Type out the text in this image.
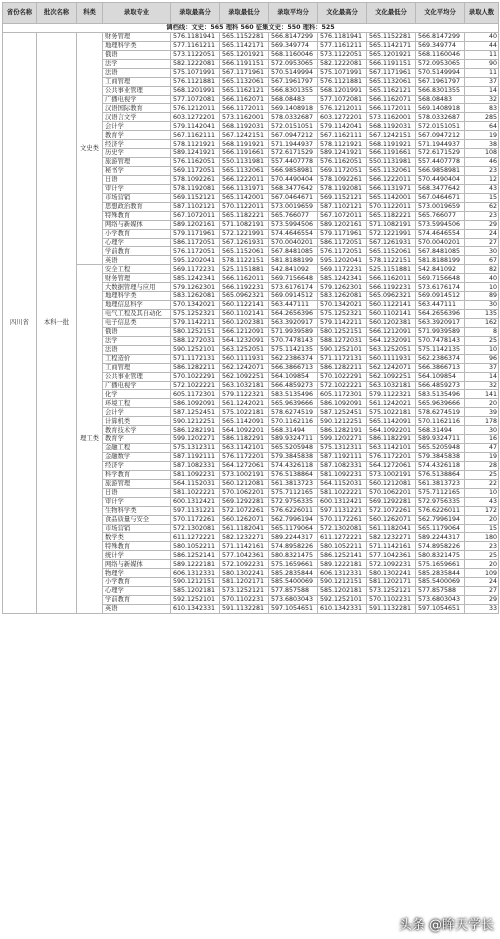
省份名称	批次名称	科类	录取专业	录取最高分	录取最低分	录取平均分	文化最高分	文化最低分	文化平均分	录取人数
调档线：文史：565 理科 560 征集文史：550 理科：525										
四川省	本科一批	文史类	财务管理	576.1181941	565.1152281	566.8147299	576.1181941	565.1152281	566.8147299	40
			地理科学类	577.1161211	565.1142171	569.349774	577.1161211	565.1142171	569.349774	44
			俄语	573.1122051	565.1201921	568.1160046	573.1122051	565.1201921	568.1160046	11
			法学	582.1222081	566.1191151	572.0953065	582.1222081	566.1191151	572.0953065	90
			法语	575.1071991	567.1171961	570.5149994	575.1071991	567.1171961	570.5149994	11
			工商管理	576.1121881	565.1132061	567.1961797	576.1121881	565.1132061	567.1961797	37
			公共事业管理	568.1201991	565.1162121	566.8301355	568.1201991	565.1162121	566.8301355	14
			广播电视学	577.1072081	566.1162071	568.08483	577.1072081	566.1162071	568.08483	32
			汉语国际教育	576.1212011	566.1172011	569.1408918	576.1212011	566.1172011	569.1408918	83
			汉语言文学	603.1272201	573.1162001	578.0332687	603.1272201	573.1162001	578.0332687	285
			会计学	579.1142041	568.1192031	572.0151051	579.1142041	568.1192031	572.0151051	64
			教育学	567.1162111	567.1242151	567.0947212	567.1162111	567.1242151	567.0947212	19
			经济学	578.1121921	568.1191921	571.1944937	578.1121921	568.1191921	571.1944937	38
			历史学	589.1241921	566.1191661	572.6171529	589.1241921	566.1191661	572.6171529	108
			旅游管理	576.1162051	550.1131981	557.4407778	576.1162051	550.1131981	557.4407778	46
			秘书学	569.1172051	565.1132061	566.9858981	569.1172051	565.1132061	566.9858981	23
			日语	578.1092261	566.1222011	570.4490404	578.1092261	566.1222011	570.4490404	12
			审计学	578.1192081	566.1131971	568.3477642	578.1192081	566.1131971	568.3477642	43
			市场营销	569.1152121	565.1142001	567.0464671	569.1152121	565.1142001	567.0464671	15
			思想政治教育	587.1102121	570.1122011	573.0019659	587.1102121	570.1122011	573.0019659	62
			特殊教育	567.1072011	565.1182221	565.766077	567.1072011	565.1182221	565.766077	23
			网络与新媒体	589.1202161	571.1082191	573.5994506	589.1202161	571.1082191	573.5994506	29
			小学教育	579.1171961	572.1221991	574.4646554	579.1171961	572.1221991	574.4646554	24
			心理学	586.1172051	567.1261931	570.0040201	586.1172051	567.1261931	570.0040201	27
			学前教育	576.1172051	565.1152061	567.8481085	576.1172051	565.1152061	567.8481085	30
			英语	595.1202041	578.1122151	581.8188199	595.1202041	578.1122151	581.8188199	67
		理工类	安全工程	569.1172231	525.1151881	542.841092	569.1172231	525.1151881	542.841092	82
			财务管理	585.1242341	566.1162011	569.7156648	585.1242341	566.1162011	569.7156648	40
			大数据管理与应用	579.1262301	566.1192231	573.6176174	579.1262301	566.1192231	573.6176174	10
			地理科学类	583.1262081	565.0962321	569.0914512	583.1262081	565.0962321	569.0914512	89
			地理信息科学	570.1342021	560.1122141	563.447111	570.1342021	560.1122141	563.447111	30
			电气工程及其自动化	575.1252321	560.1102141	564.2656396	575.1252321	560.1102141	564.2656396	135
			电子信息类	579.1142211	560.1202381	563.3920917	579.1142211	560.1202381	563.3920917	162
			俄语	580.1252151	566.1212091	571.9939589	580.1252151	566.1212091	571.9939589	8
			法学	588.1272031	564.1232091	570.7478143	588.1272031	564.1232091	570.7478143	25
			法语	590.1252101	563.1252051	575.1142135	590.1252101	563.1252051	575.1142135	10
			工程造价	571.1172131	560.1111931	562.2386374	571.1172131	560.1111931	562.2386374	96
			工商管理	586.1282211	562.1242071	566.3866713	586.1282211	562.1242071	566.3866713	37
			公共事业管理	570.1022291	562.1092251	564.109854	570.1022291	562.1092251	564.109854	14
			广播电视学	572.1022221	563.1032181	566.4859273	572.1022221	563.1032181	566.4859273	32
			化学	605.1172301	579.1122321	583.5135496	605.1172301	579.1122321	583.5135496	141
			环境工程	586.1092091	561.1242021	565.9639666	586.1092091	561.1242021	565.9639666	20
			会计学	587.1252451	575.1022181	578.6274519	587.1252451	575.1022181	578.6274519	39
			计算机类	590.1212251	565.1142091	570.1162116	590.1212251	565.1142091	570.1162116	178
			教育技术学	586.1282191	564.1092201	568.31494	586.1282191	564.1092201	568.31494	30
			教育学	599.1202271	586.1182291	589.9324711	599.1202271	586.1182291	589.9324711	16
			金融工程	575.1312311	563.1142101	565.5205948	575.1312311	563.1142101	565.5205948	47
			金融数学	587.1192111	576.1172201	579.3845838	587.1192111	576.1172201	579.3845838	19
			经济学	587.1082331	564.1272061	574.4326118	587.1082331	564.1272061	574.4326118	28
			科学教育	581.1092231	573.1002191	576.5138864	581.1092231	573.1002191	576.5138864	25
			旅游管理	564.1152031	560.1212081	561.3813723	564.1152031	560.1212081	561.3813723	22
			日语	581.1022221	570.1062201	575.7112165	581.1022221	570.1062201	575.7112165	10
			审计学	600.1312421	569.1292281	572.9756335	600.1312421	569.1292281	572.9756335	43
			生物科学类	597.1131221	572.1072261	576.6226011	597.1131221	572.1072261	576.6226011	172
			食品质量与安全	570.1172261	560.1262071	562.7996194	570.1172261	560.1262071	562.7996194	20
			市场营销	572.1302081	561.1182041	565.1179064	572.1302081	561.1182041	565.1179064	15
			数学类	611.1272221	582.1232271	589.2244317	611.1272221	582.1232271	589.2244317	180
			特殊教育	580.1052211	571.1142161	574.8958226	580.1052211	571.1142161	574.8958226	23
			统计学	586.1252141	577.1042361	580.8321475	586.1252141	577.1042361	580.8321475	25
			网络与新媒体	589.1222181	572.1092231	575.1659661	589.1222181	572.1092231	575.1659661	20
			物理学	606.1312331	580.1302241	585.2835844	606.1312331	580.1302241	585.2835844	109
			小学教育	590.1212151	581.1202171	585.5400069	590.1212151	581.1202171	585.5400069	24
			心理学	585.1202181	573.1252121	577.857588	585.1202181	573.1252121	577.857588	27
			学前教育	592.1252101	570.1102231	573.6803043	592.1252101	570.1102231	573.6803043	29
			英语	610.1342331	591.1132281	597.1054651	610.1342331	591.1132281	597.1054651	33
头条 @眸天学长
